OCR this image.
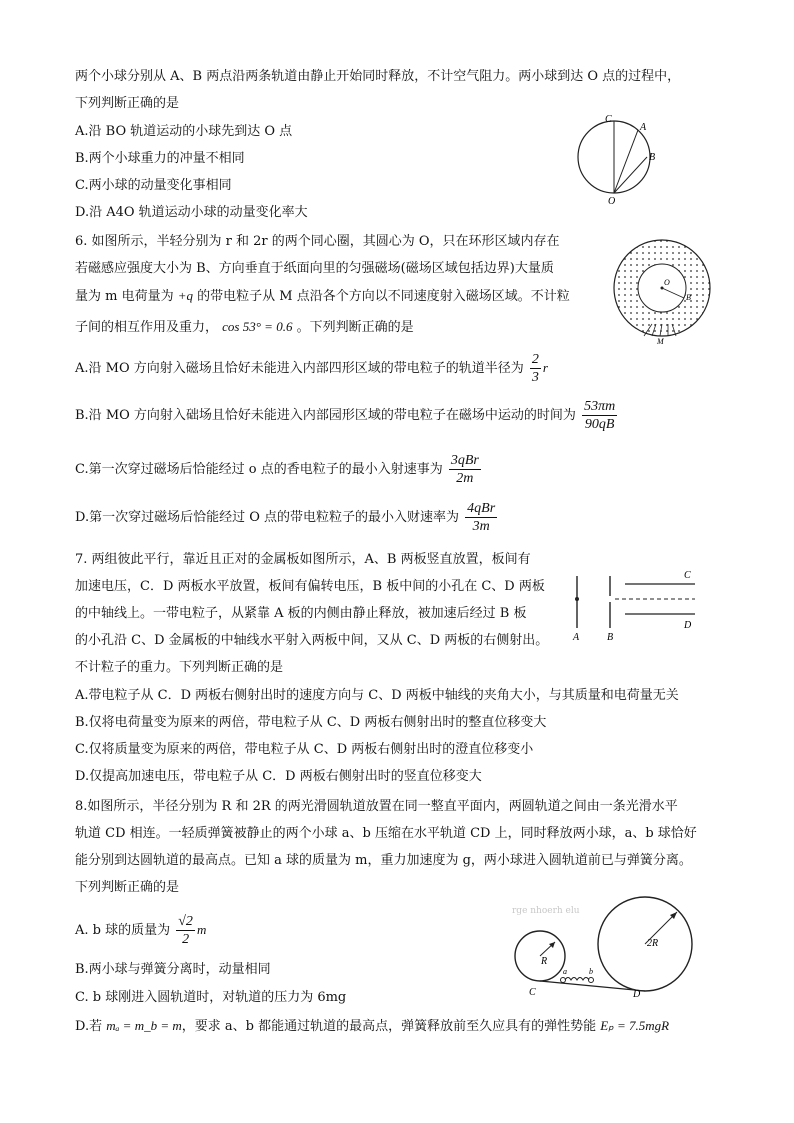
两个小球分别从 A、B 两点沿两条轨道由静止开始同时释放，不计空气阻力。两小球到达 O 点的过程中，
下列判断正确的是
A.沿 BO 轨道运动的小球先到达 O 点
B.两个小球重力的冲量不相同
C.两小球的动量变化事相同
D.沿 A4O 轨道运动小球的动量变化率大
C
A
B
O
6. 如图所示，半轻分别为 r 和 2r 的两个同心圈，其圆心为 O，只在环形区域内存在
若磁感应强度大小为 B、方向垂直于纸面向里的匀强磁场(磁场区域包括边界)大量质
量为 m 电荷量为 +q 的带电粒子从 M 点沿各个方向以不同速度射入磁场区域。不计粒
子间的相互作用及重力， cos 53° = 0.6 。下列判断正确的是
A.沿 MO 方向射入磁场且恰好未能进入内部四形区域的带电粒子的轨道半径为 $\frac{2}{3}$ r
B.沿 MO 方向射入础场且恰好未能进入内部园形区域的带电粒子在磁场中运动的时间为 $\frac{53\pi m}{90qB}$
C.第一次穿过磁场后恰能经过 o 点的香电粒子的最小入射速事为 $\frac{\text{3qBr}}{2m}$
D.第一次穿过磁场后恰能经过 O 点的带电粒粒子的最小入财速率为 $\frac{\text{4qBr}}{3m}$
O
B
M
7. 两组彼此平行，靠近且正对的金属板如图所示，A、B 两板竖直放置，板间有
加速电压，C．D 两板水平放置，板间有偏转电压，B 板中间的小孔在 C、D 两板
的中轴线上。一带电粒子，从紧靠 A 板的内侧由静止释放，被加速后经过 B 板
的小孔沿 C、D 金属板的中轴线水平射入两板中间，又从 C、D 两板的右侧射出。
不计粒子的重力。下列判断正确的是
A.带电粒子从 C．D 两板右侧射出时的速度方向与 C、D 两板中轴线的夹角大小，与其质量和电荷量无关
B.仅将电荷量变为原来的两倍，带电粒子从 C、D 两板右侧射出时的整直位移变大
C.仅将质量变为原来的两倍，带电粒子从 C、D 两板右侧射出时的澄直位移变小
D.仅提高加速电压，带电粒子从 C．D 两板右侧射出时的竖直位移变大
A	B
C
D
8.如图所示，半径分别为 R 和 2R 的两光滑圆轨道放置在同一整直平面内，两圆轨道之间由一条光滑水平
轨道 CD 相连。一轻质弹簧被静止的两个小球 a、b 压缩在水平轨道 CD 上，同时释放两小球，a、b 球恰好
能分别到达圆轨道的最高点。已知 a 球的质量为 m，重力加速度为 g，两小球进入圆轨道前已与弹簧分离。
下列判断正确的是
A. b 球的质量为 $\frac{√2}{2}$ m
B.两小球与弹簧分离时，动量相同
C. b 球刚进入圆轨道时，对轨道的压力为 6mg
D.若 mₐ = m_b = m，要求 a、b 都能通过轨道的最高点，弹簧释放前至久应具有的弹性势能 Eₚ = 7.5mgR
rge nhoerh elu
R
2R
a	b
C	D
